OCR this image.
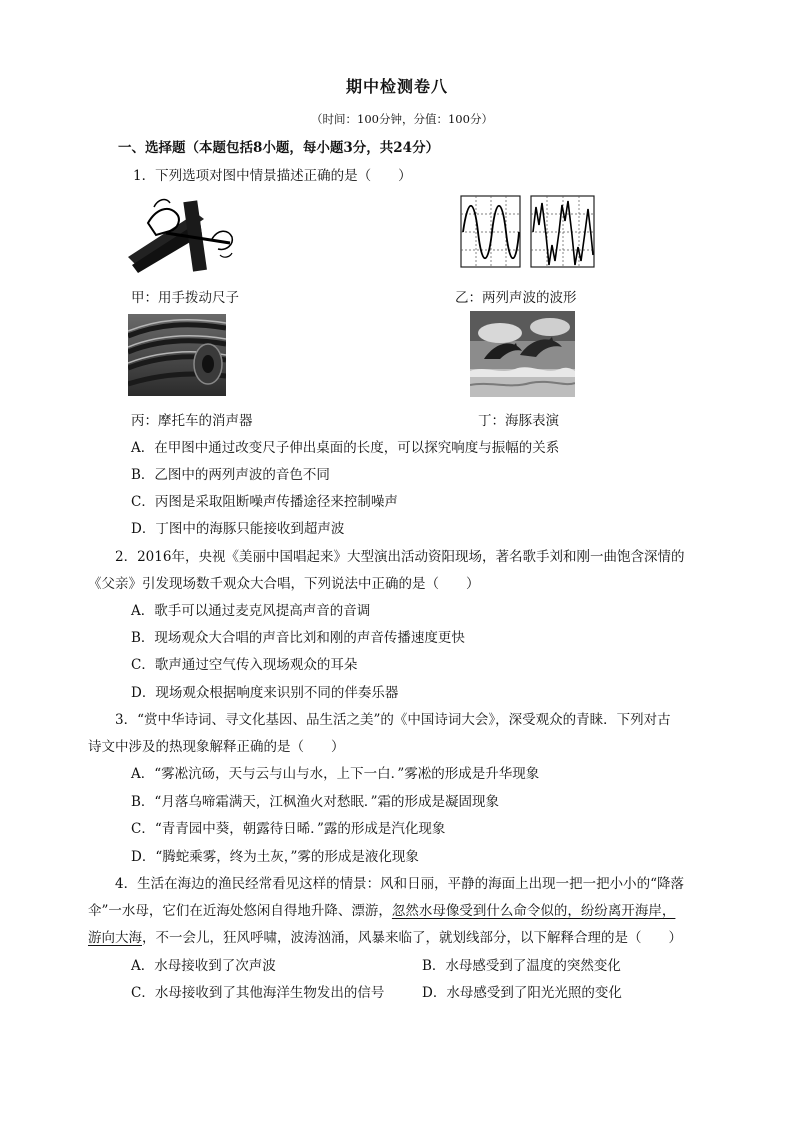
期中检测卷八
（时间：100分钟，分值：100分）
一、选择题（本题包括8小题，每小题3分，共24分）
1．下列选项对图中情景描述正确的是（　　）
甲：用手拨动尺子	乙：两列声波的波形
丙：摩托车的消声器	丁：海豚表演
A．在甲图中通过改变尺子伸出桌面的长度，可以探究响度与振幅的关系
B．乙图中的两列声波的音色不同
C．丙图是采取阻断噪声传播途径来控制噪声
D．丁图中的海豚只能接收到超声波
2．2016年，央视《美丽中国唱起来》大型演出活动资阳现场，著名歌手刘和刚一曲饱含深情的
《父亲》引发现场数千观众大合唱，下列说法中正确的是（　　）
A．歌手可以通过麦克风提高声音的音调
B．现场观众大合唱的声音比刘和刚的声音传播速度更快
C．歌声通过空气传入现场观众的耳朵
D．现场观众根据响度来识别不同的伴奏乐器
3．“赏中华诗词、寻文化基因、品生活之美”的《中国诗词大会》，深受观众的青睐．下列对古
诗文中涉及的热现象解释正确的是（　　）
A．“雾凇沆砀，天与云与山与水，上下一白．”雾凇的形成是升华现象
B．“月落乌啼霜满天，江枫渔火对愁眠．”霜的形成是凝固现象
C．“青青园中葵，朝露待日晞．”露的形成是汽化现象
D．“腾蛇乘雾，终为土灰，”雾的形成是液化现象
4．生活在海边的渔民经常看见这样的情景：风和日丽，平静的海面上出现一把一把小小的“降落
伞”一水母，它们在近海处悠闲自得地升降、漂游，忽然水母像受到什么命令似的，纷纷离开海岸，
游向大海，不一会儿，狂风呼啸，波涛汹涌，风暴来临了，就划线部分，以下解释合理的是（　　）
A．水母接收到了次声波	B．水母感受到了温度的突然变化
C．水母接收到了其他海洋生物发出的信号	D．水母感受到了阳光光照的变化
